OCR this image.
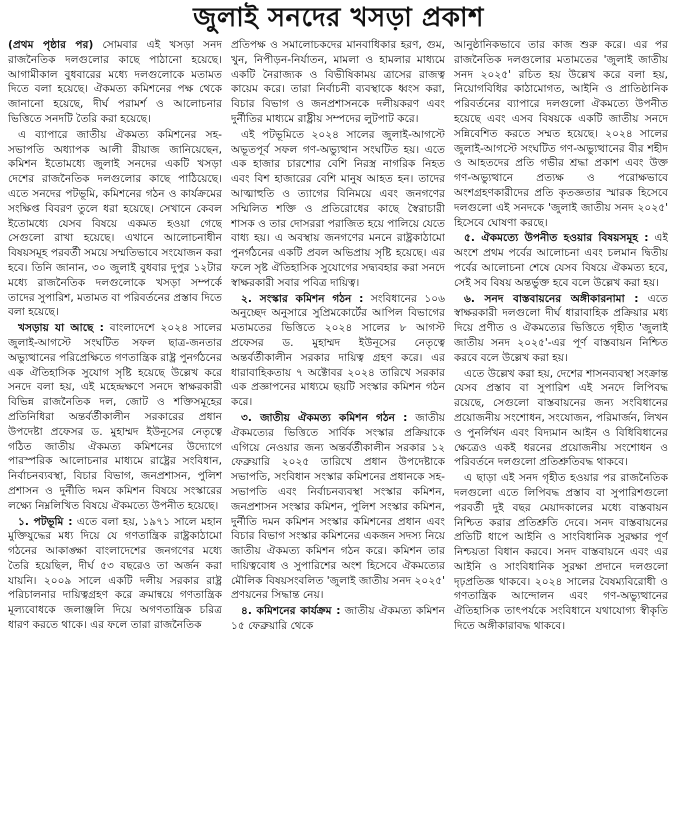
জুলাই সনদের খসড়া প্রকাশ

(প্রথম পৃষ্ঠার পর) সোমবার এই খসড়া সনদ রাজনৈতিক দলগুলোর কাছে পাঠানো হয়েছে। আগামীকাল বুধবারের মধ্যে দলগুলোকে মতামত দিতে বলা হয়েছে। ঐকমত্য কমিশনের পক্ষ থেকে জানানো হয়েছে, দীর্ঘ পরামর্শ ও আলোচনার ভিত্তিতে সনদটি তৈরি করা হয়েছে।

এ ব্যাপারে জাতীয় ঐকমত্য কমিশনের সহ-সভাপতি অধ্যাপক আলী রীয়াজ জানিয়েছেন, কমিশন ইতোমধ্যে জুলাই সনদের একটি খসড়া দেশের রাজনৈতিক দলগুলোর কাছে পাঠিয়েছে। এতে সনদের পটভূমি, কমিশনের গঠন ও কার্যক্রমের সংক্ষিপ্ত বিবরণ তুলে ধরা হয়েছে। সেখানে কেবল ইতোমধ্যে যেসব বিষয়ে একমত হওয়া গেছে সেগুলো রাখা হয়েছে। এখানে আলোচনাধীন বিষয়সমূহ পরবর্তী সময়ে সম্মতিভাবে সংযোজন করা হবে। তিনি জানান, ৩০ জুলাই বুধবার দুপুর ১২টার মধ্যে রাজনৈতিক দলগুলোকে খসড়া সম্পর্কে তাদের সুপারিশ, মতামত বা পরিবর্তনের প্রস্তাব দিতে বলা হয়েছে।

খসড়ায় যা আছে : বাংলাদেশে ২০২৪ সালের জুলাই-আগস্টে সংঘটিত সফল ছাত্র-জনতার অভ্যুত্থানের পরিপ্রেক্ষিতে গণতান্ত্রিক রাষ্ট্র পুনর্গঠনের এক ঐতিহাসিক সুযোগ সৃষ্টি হয়েছে উল্লেখ করে সনদে বলা হয়, এই মহেন্দ্রক্ষণে সনদে স্বাক্ষরকারী বিভিন্ন রাজনৈতিক দল, জোট ও শক্তিসমূহের প্রতিনিধিরা অন্তর্বর্তীকালীন সরকারের প্রধান উপদেষ্টা প্রফেসর ড. মুহাম্মদ ইউনূসের নেতৃত্বে গঠিত জাতীয় ঐকমত্য কমিশনের উদ্যোগে পারস্পরিক আলোচনার মাধ্যমে রাষ্ট্রের সংবিধান, নির্বাচনব্যবস্থা, বিচার বিভাগ, জনপ্রশাসন, পুলিশ প্রশাসন ও দুর্নীতি দমন কমিশন বিষয়ে সংস্কারের লক্ষ্যে নিম্নলিখিত বিষয়ে ঐকমত্যে উপনীত হয়েছে।

১. পটভূমি : এতে বলা হয়, ১৯৭১ সালে মহান মুক্তিযুদ্ধের মধ্য দিয়ে যে গণতান্ত্রিক রাষ্ট্রকাঠামো গঠনের আকাঙ্ক্ষা বাংলাদেশের জনগণের মধ্যে তৈরি হয়েছিল, দীর্ঘ ৫৩ বছরেও তা অর্জন করা যায়নি। ২০০৯ সালে একটি দলীয় সরকার রাষ্ট্র পরিচালনার দায়িত্বগ্রহণ করে ক্রমান্বয়ে গণতান্ত্রিক মূল্যবোধকে জলাঞ্জলি দিয়ে অগণতান্ত্রিক চরিত্র ধারণ করতে থাকে। এর ফলে তারা রাজনৈতিক

প্রতিপক্ষ ও সমালোচকদের মানবাধিকার হরণ, গুম, খুন, নিপীড়ন-নির্যাতন, মামলা ও হামলার মাধ্যমে একটি নৈরাজ্যক ও বিভীষিকাময় ত্রাসের রাজত্ব কায়েম করে। তারা নির্বাচনী ব্যবস্থাকে ধ্বংস করা, বিচার বিভাগ ও জনপ্রশাসনকে দলীয়করণ এবং দুর্নীতির মাধ্যমে রাষ্ট্রীয় সম্পদের লুটপাট করে।

এই পটভূমিতে ২০২৪ সালের জুলাই-আগস্টে অভূতপূর্ব সফল গণ-অভ্যুত্থান সংঘটিত হয়। এতে এক হাজার চারশোর বেশি নিরস্ত্র নাগরিক নিহত এবং বিশ হাজারের বেশি মানুষ আহত হন। তাদের আত্মাহুতি ও ত্যাগের বিনিময়ে এবং জনগণের সম্মিলিত শক্তি ও প্রতিরোধের কাছে স্বৈরাচারী শাসক ও তার দোসররা পরাজিত হয়ে পালিয়ে যেতে বাধ্য হয়। এ অবস্থায় জনগণের মননে রাষ্ট্রকাঠামো পুনর্গঠনের একটি প্রবল অভিপ্রায় সৃষ্টি হয়েছে। এর ফলে সৃষ্ট ঐতিহাসিক সুযোগের সদ্ব্যবহার করা সনদে স্বাক্ষরকারী সবার পবিত্র দায়িত্ব।

২. সংস্কার কমিশন গঠন : সংবিধানের ১০৬ অনুচ্ছেদ অনুসারে সুপ্রিমকোর্টের আপিল বিভাগের মতামতের ভিত্তিতে ২০২৪ সালের ৮ আগস্ট প্রফেসর ড. মুহাম্মদ ইউনূসের নেতৃত্বে অন্তর্বর্তীকালীন সরকার দায়িত্ব গ্রহণ করে। এর ধারাবাহিকতায় ৭ অক্টোবর ২০২৪ তারিখে সরকার এক প্রজ্ঞাপনের মাধ্যমে ছয়টি সংস্কার কমিশন গঠন করে।

৩. জাতীয় ঐকমত্য কমিশন গঠন : জাতীয় ঐকমত্যের ভিত্তিতে সার্বিক সংস্কার প্রক্রিয়াকে এগিয়ে নেওয়ার জন্য অন্তর্বর্তীকালীন সরকার ১২ ফেব্রুয়ারি ২০২৫ তারিখে প্রধান উপদেষ্টাকে সভাপতি, সংবিধান সংস্কার কমিশনের প্রধানকে সহ-সভাপতি এবং নির্বাচনব্যবস্থা সংস্কার কমিশন, জনপ্রশাসন সংস্কার কমিশন, পুলিশ সংস্কার কমিশন, দুর্নীতি দমন কমিশন সংস্কার কমিশনের প্রধান এবং বিচার বিভাগ সংস্কার কমিশনের একজন সদস্য নিয়ে জাতীয় ঐকমত্য কমিশন গঠন করে। কমিশন তার দায়িত্ববোধ ও সুপারিশের অংশ হিসেবে ঐকমত্যের মৌলিক বিষয়সংবলিত 'জুলাই জাতীয় সনদ ২০২৫' প্রণয়নের সিদ্ধান্ত নেয়।

৪. কমিশনের কার্যক্রম : জাতীয় ঐকমত্য কমিশন ১৫ ফেব্রুয়ারি থেকে

আনুষ্ঠানিকভাবে তার কাজ শুরু করে। এর পর রাজনৈতিক দলগুলোর মতামতের 'জুলাই জাতীয় সনদ ২০২৫' রচিত হয় উল্লেখ করে বলা হয়, নিয়োগবিধির কাঠামোগত, আইনি ও প্রাতিষ্ঠানিক পরিবর্তনের ব্যাপারে দলগুলো ঐকমত্যে উপনীত হয়েছে এবং এসব বিষয়কে একটি জাতীয় সনদে সন্নিবেশিত করতে সম্মত হয়েছে। ২০২৪ সালের জুলাই-আগস্টে সংঘটিত গণ-অভ্যুত্থানের বীর শহীদ ও আহতদের প্রতি গভীর শ্রদ্ধা প্রকাশ এবং উক্ত গণ-অভ্যুত্থানে প্রত্যক্ষ ও পরোক্ষভাবে অংশগ্রহণকারীদের প্রতি কৃতজ্ঞতার স্মারক হিসেবে দলগুলো এই সনদকে 'জুলাই জাতীয় সনদ ২০২৫' হিসেবে ঘোষণা করছে।

৫. ঐকমত্যে উপনীত হওয়ার বিষয়সমূহ : এই অংশে প্রথম পর্বের আলোচনা এবং চলমান দ্বিতীয় পর্বের আলোচনা শেষে যেসব বিষয়ে ঐকমত্য হবে, সেই সব বিষয় অন্তর্ভুক্ত হবে বলে উল্লেখ করা হয়।

৬. সনদ বাস্তবায়নের অঙ্গীকারনামা : এতে স্বাক্ষরকারী দলগুলো দীর্ঘ ধারাবাহিক প্রক্রিয়ার মধ্য দিয়ে প্রণীত ও ঐকমত্যের ভিত্তিতে গৃহীত 'জুলাই জাতীয় সনদ ২০২৫'-এর পূর্ণ বাস্তবায়ন নিশ্চিত করবে বলে উল্লেখ করা হয়।

এতে উল্লেখ করা হয়, দেশের শাসনব্যবস্থা সংক্রান্ত যেসব প্রস্তাব বা সুপারিশ এই সনদে লিপিবদ্ধ রয়েছে, সেগুলো বাস্তবায়নের জন্য সংবিধানের প্রয়োজনীয় সংশোধন, সংযোজন, পরিমার্জন, লিখন ও পুনর্লিখন এবং বিদ্যমান আইন ও বিধিবিধানের ক্ষেত্রেও একই ধরনের প্রয়োজনীয় সংশোধন ও পরিবর্তনে দলগুলো প্রতিশ্রুতিবদ্ধ থাকবে।

এ ছাড়া এই সনদ গৃহীত হওয়ার পর রাজনৈতিক দলগুলো এতে লিপিবদ্ধ প্রস্তাব বা সুপারিশগুলো পরবর্তী দুই বছর মেয়াদকালের মধ্যে বাস্তবায়ন নিশ্চিত করার প্রতিশ্রুতি দেবে। সনদ বাস্তবায়নের প্রতিটি ধাপে আইনি ও সাংবিধানিক সুরক্ষার পূর্ণ নিশ্চয়তা বিধান করবে। সনদ বাস্তবায়নে এবং এর আইনি ও সাংবিধানিক সুরক্ষা প্রদানে দলগুলো দৃঢ়প্রতিজ্ঞ থাকবে। ২০২৪ সালের বৈষম্যবিরোধী ও গণতান্ত্রিক আন্দোলন এবং গণ-অভ্যুত্থানের ঐতিহাসিক তাৎপর্যকে সংবিধানে যথাযোগ্য স্বীকৃতি দিতে অঙ্গীকারাবদ্ধ থাকবে।
